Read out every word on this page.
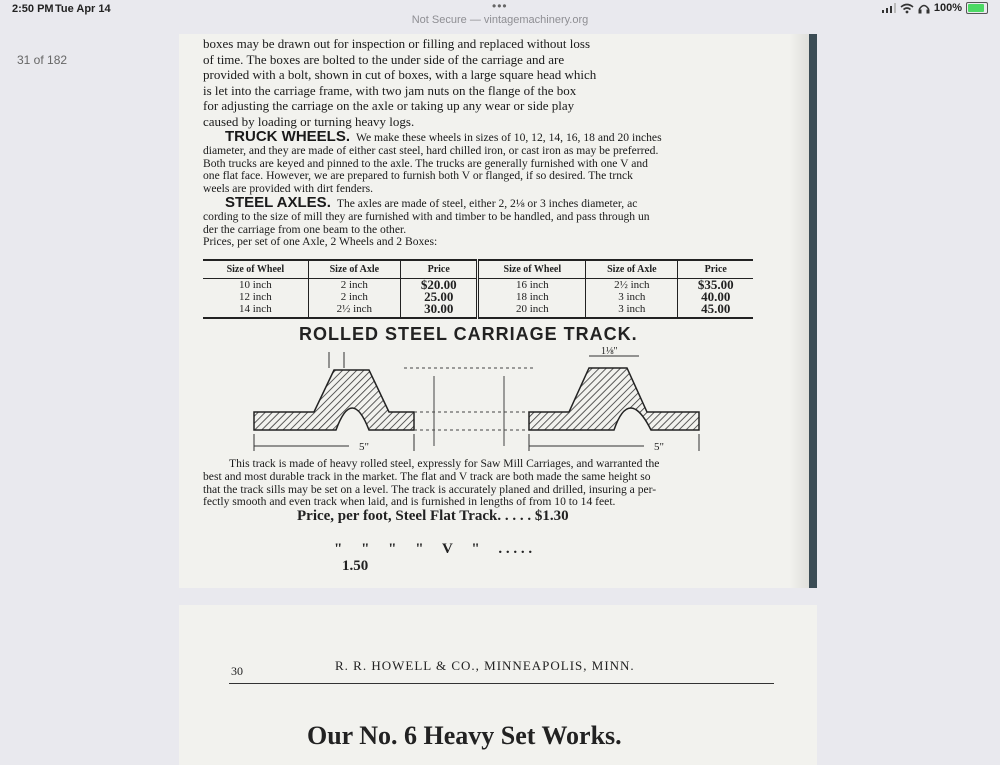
2:50 PM Tue Apr 14	•••	100%
Not Secure — vintagemachinery.org
31 of 182
boxes may be drawn out for inspection or filling and replaced without loss
of time. The boxes are bolted to the under side of the carriage and are
provided with a bolt, shown in cut of boxes, with a large square head which
is let into the carriage frame, with two jam nuts on the flange of the box
for adjusting the carriage on the axle or taking up any wear or side play
caused by loading or turning heavy logs.
TRUCK WHEELS. We make these wheels in sizes of 10, 12, 14, 16, 18 and 20 inches
diameter, and they are made of either cast steel, hard chilled iron, or cast iron as may be preferred.
Both trucks are keyed and pinned to the axle. The trucks are generally furnished with one V and
one flat face. However, we are prepared to furnish both V or flanged, if so desired. The trnck
weels are provided with dirt fenders.
STEEL AXLES. The axles are made of steel, either 2, 2⅛ or 3 inches diameter, ac
cording to the size of mill they are furnished with and timber to be handled, and pass through un
der the carriage from one beam to the other.
Prices, per set of one Axle, 2 Wheels and 2 Boxes:
Size of Wheel	Size of Axle	Price	Size of Wheel	Size of Axle	Price
10 inch	2 inch	$20.00	16 inch	2½ inch	$35.00
12 inch	2 inch	25.00	18 inch	3 inch	40.00
14 inch	2½ inch	30.00	20 inch	3 inch	45.00
ROLLED STEEL CARRIAGE TRACK.
5"	5"
1⅛"
This track is made of heavy rolled steel, expressly for Saw Mill Carriages, and warranted the
best and most durable track in the market. The flat and V track are both made the same height so
that the track sills may be set on a level. The track is accurately planed and drilled, insuring a per-
fectly smooth and even track when laid, and is furnished in lengths of from 10 to 14 feet.
Price, per foot, Steel Flat Track. . . . . $1.30

"     "     "     "     V     "     . . . . .
1.50

30	R. R. HOWELL & CO., MINNEAPOLIS, MINN.
Our No. 6 Heavy Set Works.
